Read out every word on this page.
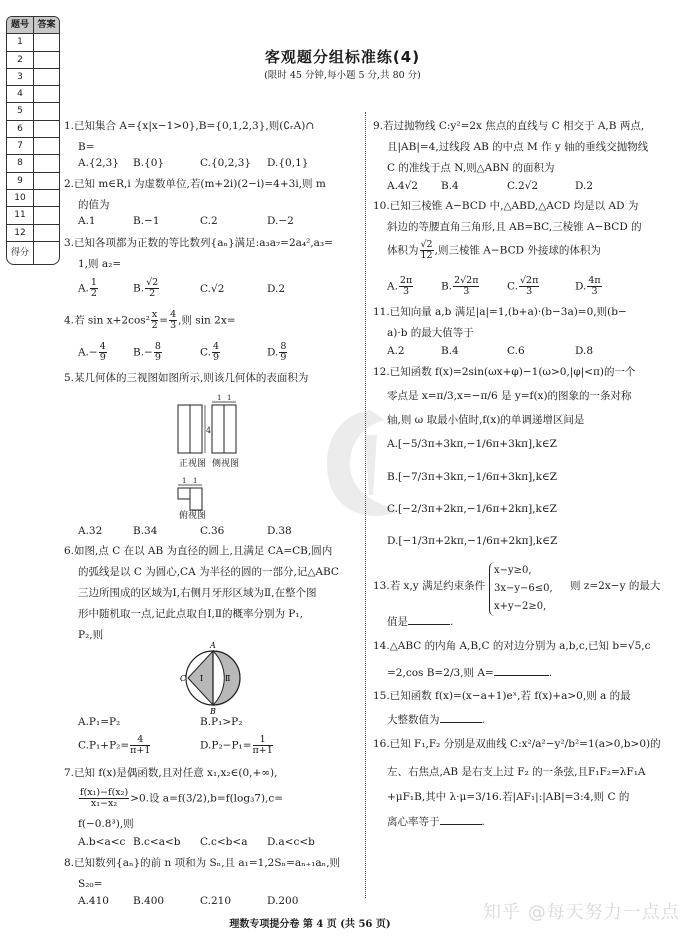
题号 答案
1
2
3
4
5
6
7
8
9
10
11
12
得分
客观题分组标准练(4)
(限时 45 分钟,每小题 5 分,共 80 分)
1.已知集合 A={x|x−1>0},B={0,1,2,3},则(∁ᵣA)∩
B=
A.{2,3} B.{0}	C.{0,2,3} D.{0,1}
2.已知 m∈R,i 为虚数单位,若(m+2i)(2−i)=4+3i,则 m
的值为
A.1	B.−1	C.2	D.−2
3.已知各项都为正数的等比数列{aₙ}满足:a₃a₇=2a₄²,a₃=
1,则 a₂=
A. $\frac{1}{2}$	B. $\frac{√2}{2}$	C.√2	D.2
4.若 $\sin x+2\cos^2 \frac{x}{2} = \frac{4}{3}$ ,则 sin 2x=
$A.- \frac{4}{9} B.- \frac{8}{9}$	C. $\frac{4}{9}$	D. $\frac{8}{9}$
5.某几何体的三视图如图所示,则该几何体的表面积为
4
1 1
1 1
正视图 侧视图
俯视图
A.32	B.34	C.36	D.38
6.如图,点 C 在以 AB 为直径的圆上,且满足 CA=CB,圆内
的弧线是以 C 为圆心,CA 为半径的圆的一部分,记△ABC
三边所围成的区域为Ⅰ,右侧月牙形区域为Ⅱ,在整个图
形中随机取一点,记此点取自Ⅰ,Ⅱ的概率分别为 P₁,
P₂,则
A
B
C Ⅰ	Ⅱ
A.P₁=P₂	B.P₁>P₂
$C.P_1+P_2= \frac{4}{\pi+1}$	$D.P_2-P_1= \frac{1}{\pi+1}$
7.已知 f(x)是偶函数,且对任意 x₁,x₂∈(0,+∞),
$\frac{\text{f(x₁)−f(x₂)}}{\text{x₁−x₂}} >0$.设 a=f(3/2),b=f(log₃7),c=
f(−0.8³),则
A.b<a<c B.c<a<b C.c<b<a D.a<c<b
8.已知数列{aₙ}的前 n 项和为 Sₙ,且 a₁=1,2Sₙ=aₙ₊₁aₙ,则
S₂₀=
A.410 B.400	C.210	D.200
9.若过抛物线 C:y²=2x 焦点的直线与 C 相交于 A,B 两点,
且|AB|=4,过线段 AB 的中点 M 作 y 轴的垂线交抛物线
C 的准线于点 N,则△ABN 的面积为
A.4√2 B.4	C.2√2	D.2
10.已知三棱锥 A−BCD 中,△ABD,△ACD 均是以 AD 为
斜边的等腰直角三角形,且 AB=BC,三棱锥 A−BCD 的
体积为 $\frac{√2}{12}$ ,则三棱锥 A−BCD 外接球的体积为
A. $\frac{2\pi}{3}$	B. $\frac{2√2\pi}{3}$	C. $\frac{√2\pi}{3}$	D. $\frac{4\pi}{3}$
11.已知向量 a,b 满足|a|=1,(b+a)·(b−3a)=0,则(b−
a)·b 的最大值等于
A.2	B.4	C.6	D.8
12.已知函数 f(x)=2sin(ωx+φ)−1(ω>0,|φ|<π)的一个
零点是 x=π/3,x=−π/6 是 y=f(x)的图象的一条对称
轴,则 ω 取最小值时,f(x)的单调递增区间是
A.[−5/3π+3kπ,−1/6π+3kπ],k∈Z
B.[−7/3π+3kπ,−1/6π+3kπ],k∈Z
C.[−2/3π+2kπ,−1/6π+2kπ],k∈Z
D.[−1/3π+2kπ,−1/6π+2kπ],k∈Z
13.若 x,y 满足约束条件
x−y≥0,
3x−y−6≤0,
x+y−2≥0,
则 z=2x−y 的最大
值是	.
14.△ABC 的内角 A,B,C 的对边分别为 a,b,c,已知 b=√5,c
=2,cos B=2/3,则 A=	.
15.已知函数 f(x)=(x−a+1)eˣ,若 f(x)+a>0,则 a 的最
大整数值为	.
16.已知 F₁,F₂ 分别是双曲线 C:x²/a²−y²/b²=1(a>0,b>0)的
左、右焦点,AB 是右支上过 F₂ 的一条弦,且F₁F₂=λF₁A
+μF₁B,其中 λ·μ=3/16.若|AF₁|:|AB|=3:4,则 C 的
离心率等于	.
理数专项提分卷 第 4 页 (共 56 页)
知乎 @每天努力一点点
